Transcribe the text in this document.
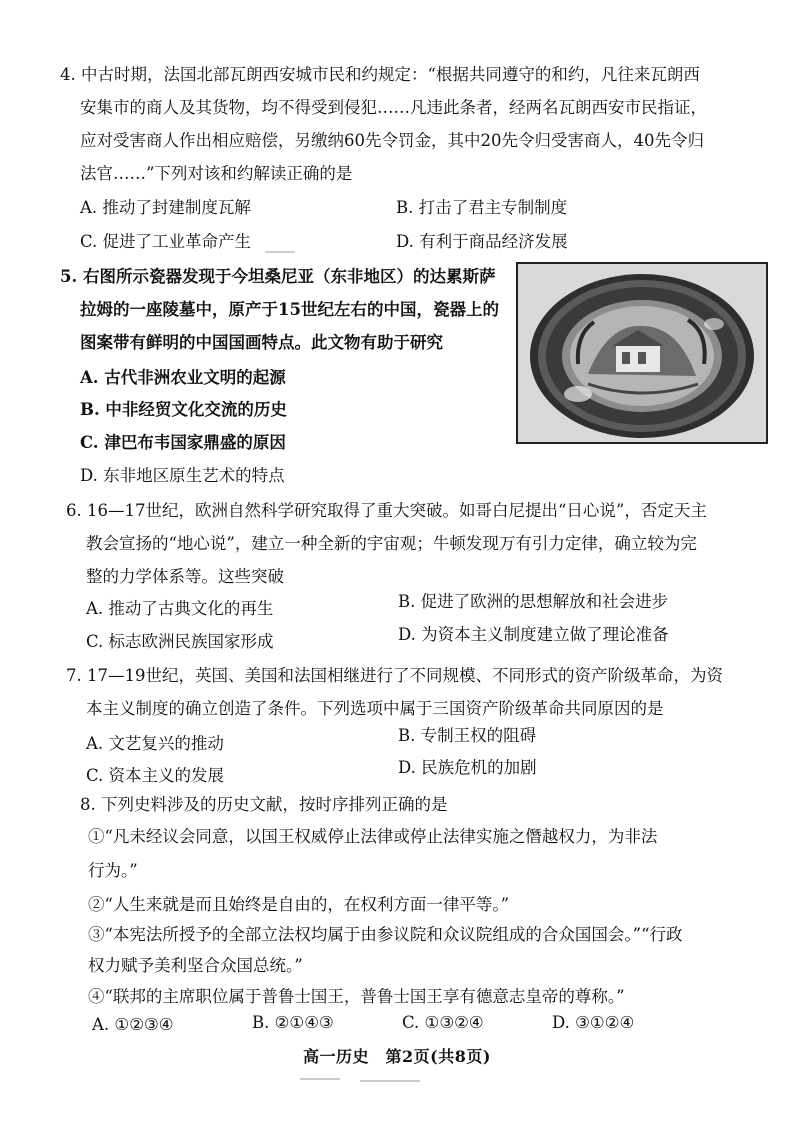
4. 中古时期，法国北部瓦朗西安城市民和约规定：“根据共同遵守的和约，凡往来瓦朗西
安集市的商人及其货物，均不得受到侵犯……凡违此条者，经两名瓦朗西安市民指证，
应对受害商人作出相应赔偿，另缴纳60先令罚金，其中20先令归受害商人，40先令归
法官……”下列对该和约解读正确的是
A. 推动了封建制度瓦解	B. 打击了君主专制制度
C. 促进了工业革命产生	D. 有利于商品经济发展
5. 右图所示瓷器发现于今坦桑尼亚（东非地区）的达累斯萨
拉姆的一座陵墓中，原产于15世纪左右的中国，瓷器上的
图案带有鲜明的中国国画特点。此文物有助于研究
A. 古代非洲农业文明的起源
B. 中非经贸文化交流的历史
C. 津巴布韦国家鼎盛的原因
D. 东非地区原生艺术的特点
6. 16—17世纪，欧洲自然科学研究取得了重大突破。如哥白尼提出“日心说”，否定天主
教会宣扬的“地心说”，建立一种全新的宇宙观；牛顿发现万有引力定律，确立较为完
整的力学体系等。这些突破
A. 推动了古典文化的再生	B. 促进了欧洲的思想解放和社会进步
C. 标志欧洲民族国家形成	D. 为资本主义制度建立做了理论准备
7. 17—19世纪，英国、美国和法国相继进行了不同规模、不同形式的资产阶级革命，为资
本主义制度的确立创造了条件。下列选项中属于三国资产阶级革命共同原因的是
A. 文艺复兴的推动	B. 专制王权的阻碍
C. 资本主义的发展	D. 民族危机的加剧
8. 下列史料涉及的历史文献，按时序排列正确的是
①“凡未经议会同意，以国王权威停止法律或停止法律实施之僭越权力，为非法
行为。”
②“人生来就是而且始终是自由的，在权利方面一律平等。”
③“本宪法所授予的全部立法权均属于由参议院和众议院组成的合众国国会。”“行政
权力赋予美利坚合众国总统。”
④“联邦的主席职位属于普鲁士国王，普鲁士国王享有德意志皇帝的尊称。”
A. ①②③④	B. ②①④③	C. ①③②④	D. ③①②④
高一历史　第2页(共8页)
